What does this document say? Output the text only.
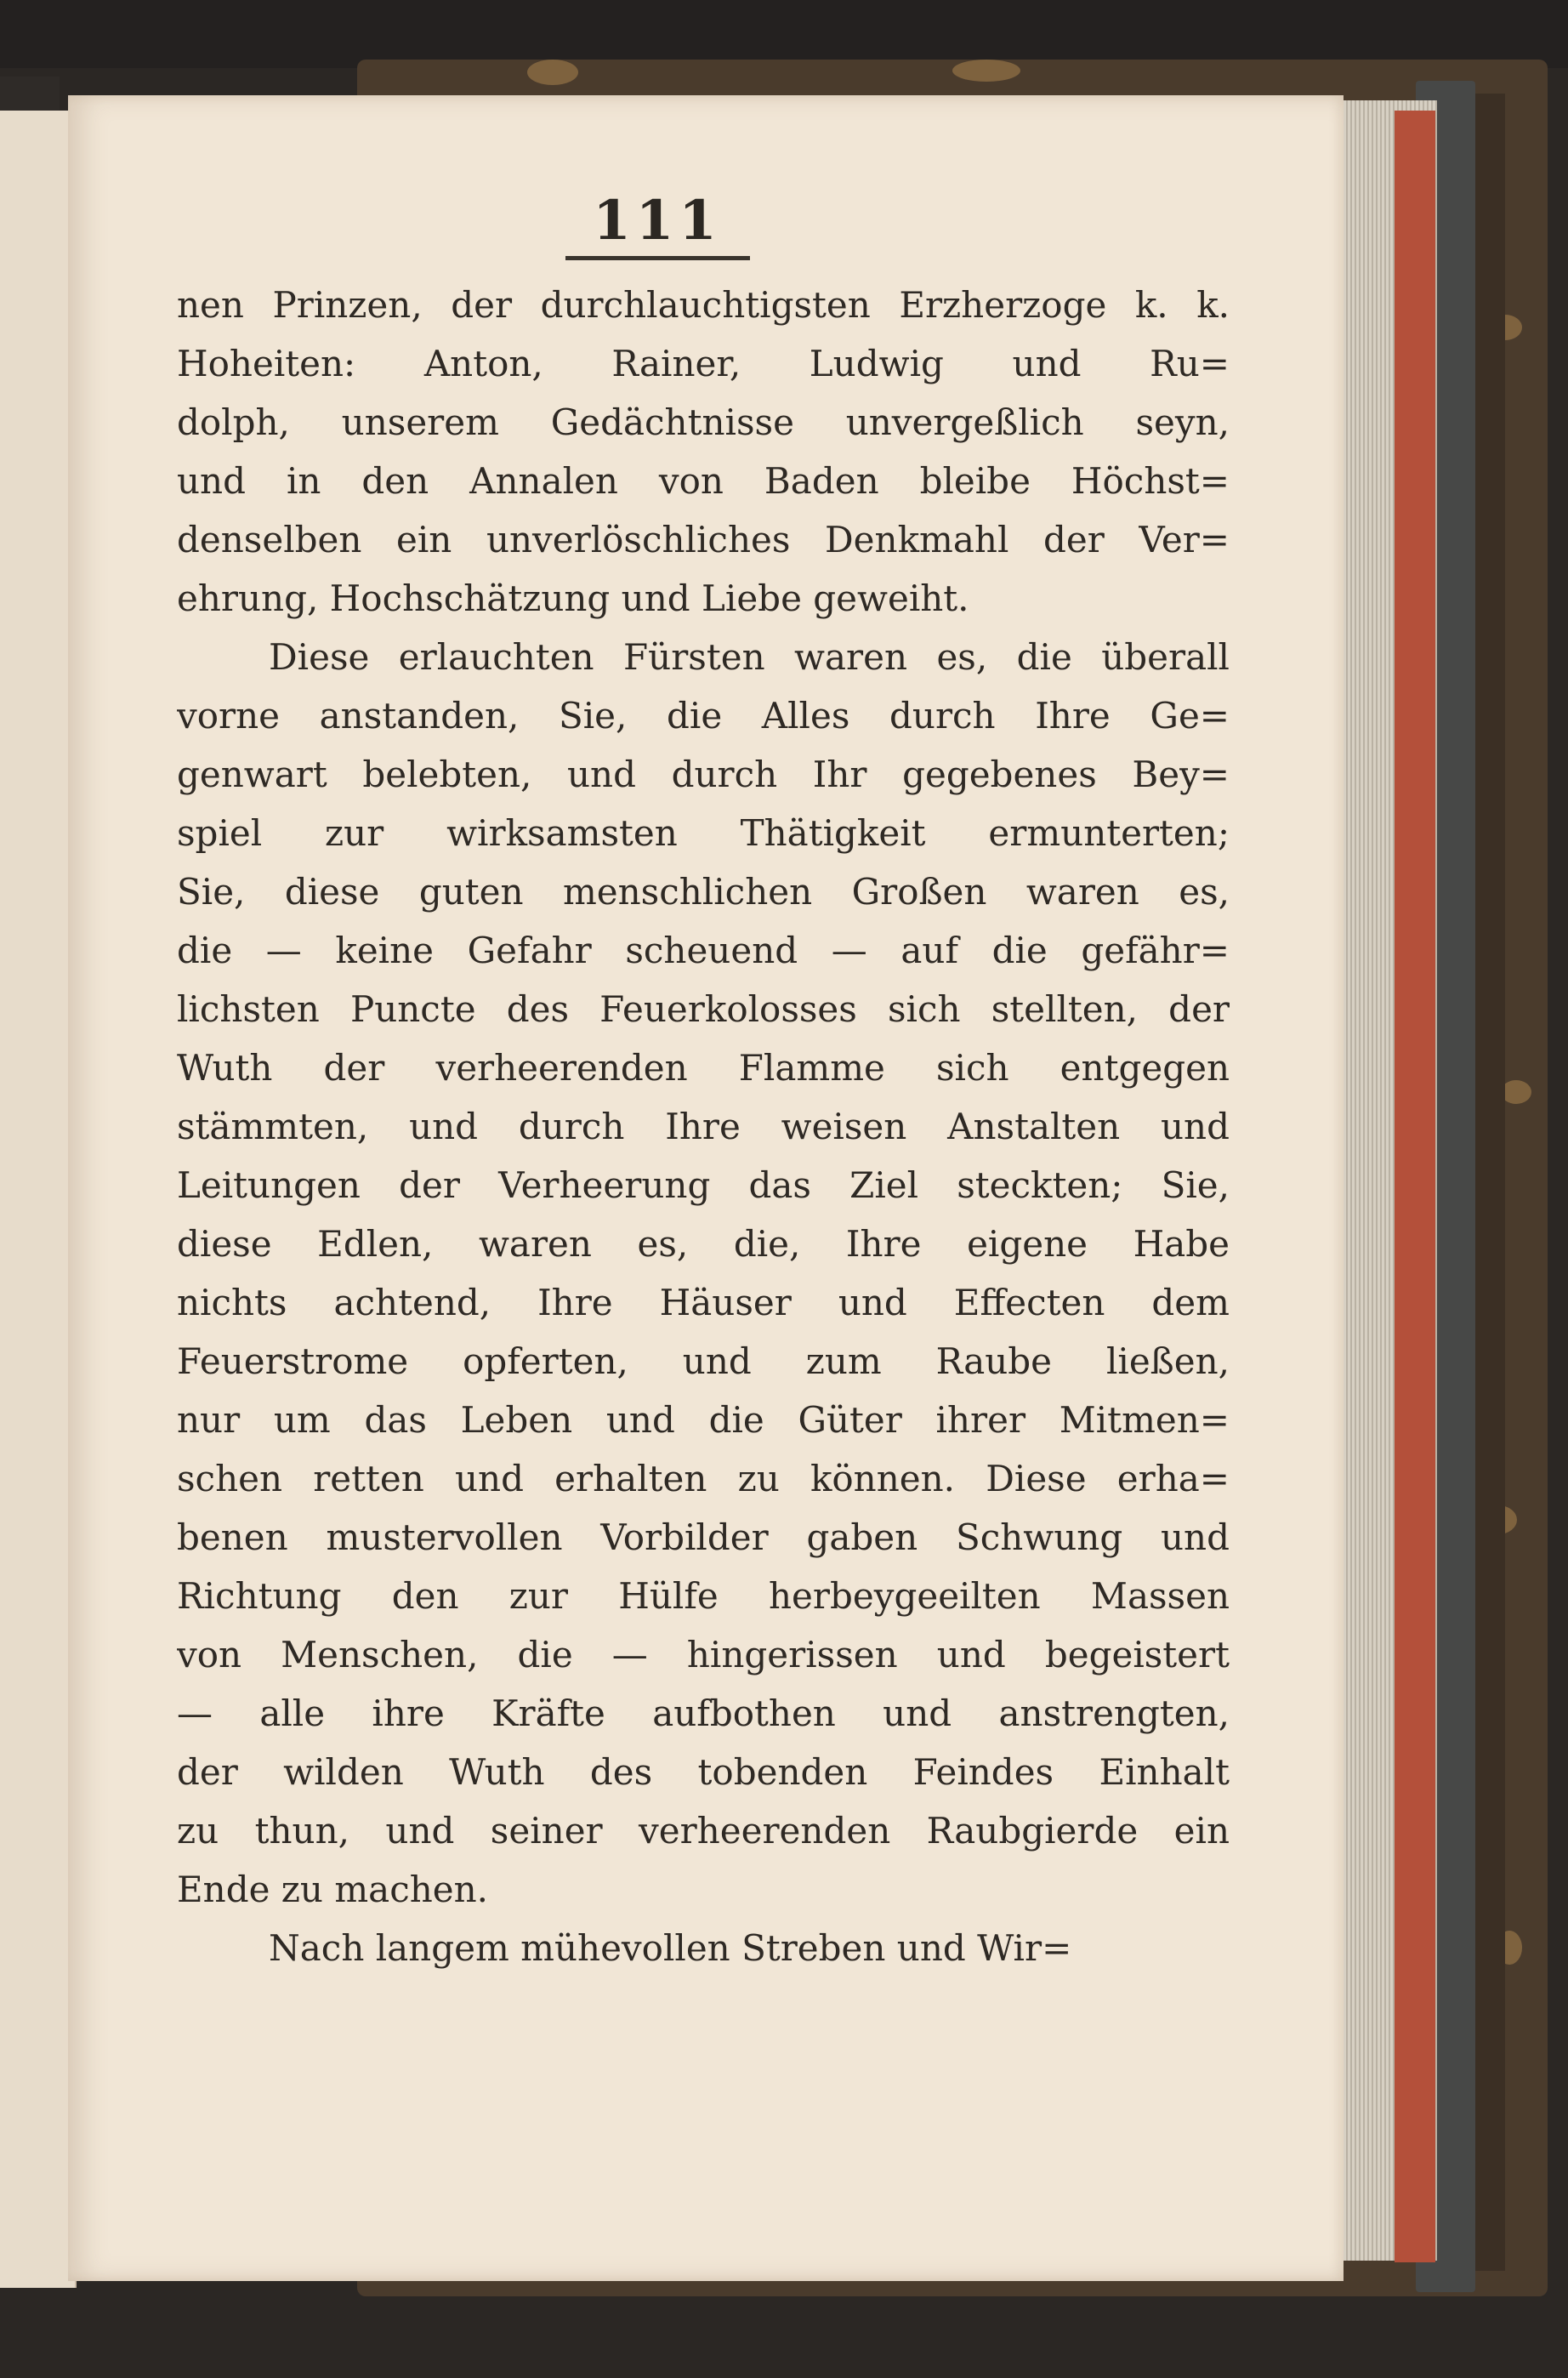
111
nen Prinzen, der durchlauchtigsten Erzherzoge k. k.
Hoheiten: Anton, Rainer, Ludwig und Ru=
dolph, unserem Gedächtnisse unvergeßlich seyn,
und in den Annalen von Baden bleibe Höchst=
denselben ein unverlöschliches Denkmahl der Ver=
ehrung, Hochschätzung und Liebe geweiht.
Diese erlauchten Fürsten waren es, die überall
vorne anstanden, Sie, die Alles durch Ihre Ge=
genwart belebten, und durch Ihr gegebenes Bey=
spiel zur wirksamsten Thätigkeit ermunterten;
Sie, diese guten menschlichen Großen waren es,
die — keine Gefahr scheuend — auf die gefähr=
lichsten Puncte des Feuerkolosses sich stellten, der
Wuth der verheerenden Flamme sich entgegen
stämmten, und durch Ihre weisen Anstalten und
Leitungen der Verheerung das Ziel steckten; Sie,
diese Edlen, waren es, die, Ihre eigene Habe
nichts achtend, Ihre Häuser und Effecten dem
Feuerstrome opferten, und zum Raube ließen,
nur um das Leben und die Güter ihrer Mitmen=
schen retten und erhalten zu können. Diese erha=
benen mustervollen Vorbilder gaben Schwung und
Richtung den zur Hülfe herbeygeeilten Massen
von Menschen, die — hingerissen und begeistert
— alle ihre Kräfte aufbothen und anstrengten,
der wilden Wuth des tobenden Feindes Einhalt
zu thun, und seiner verheerenden Raubgierde ein
Ende zu machen.
Nach langem mühevollen Streben und Wir=
